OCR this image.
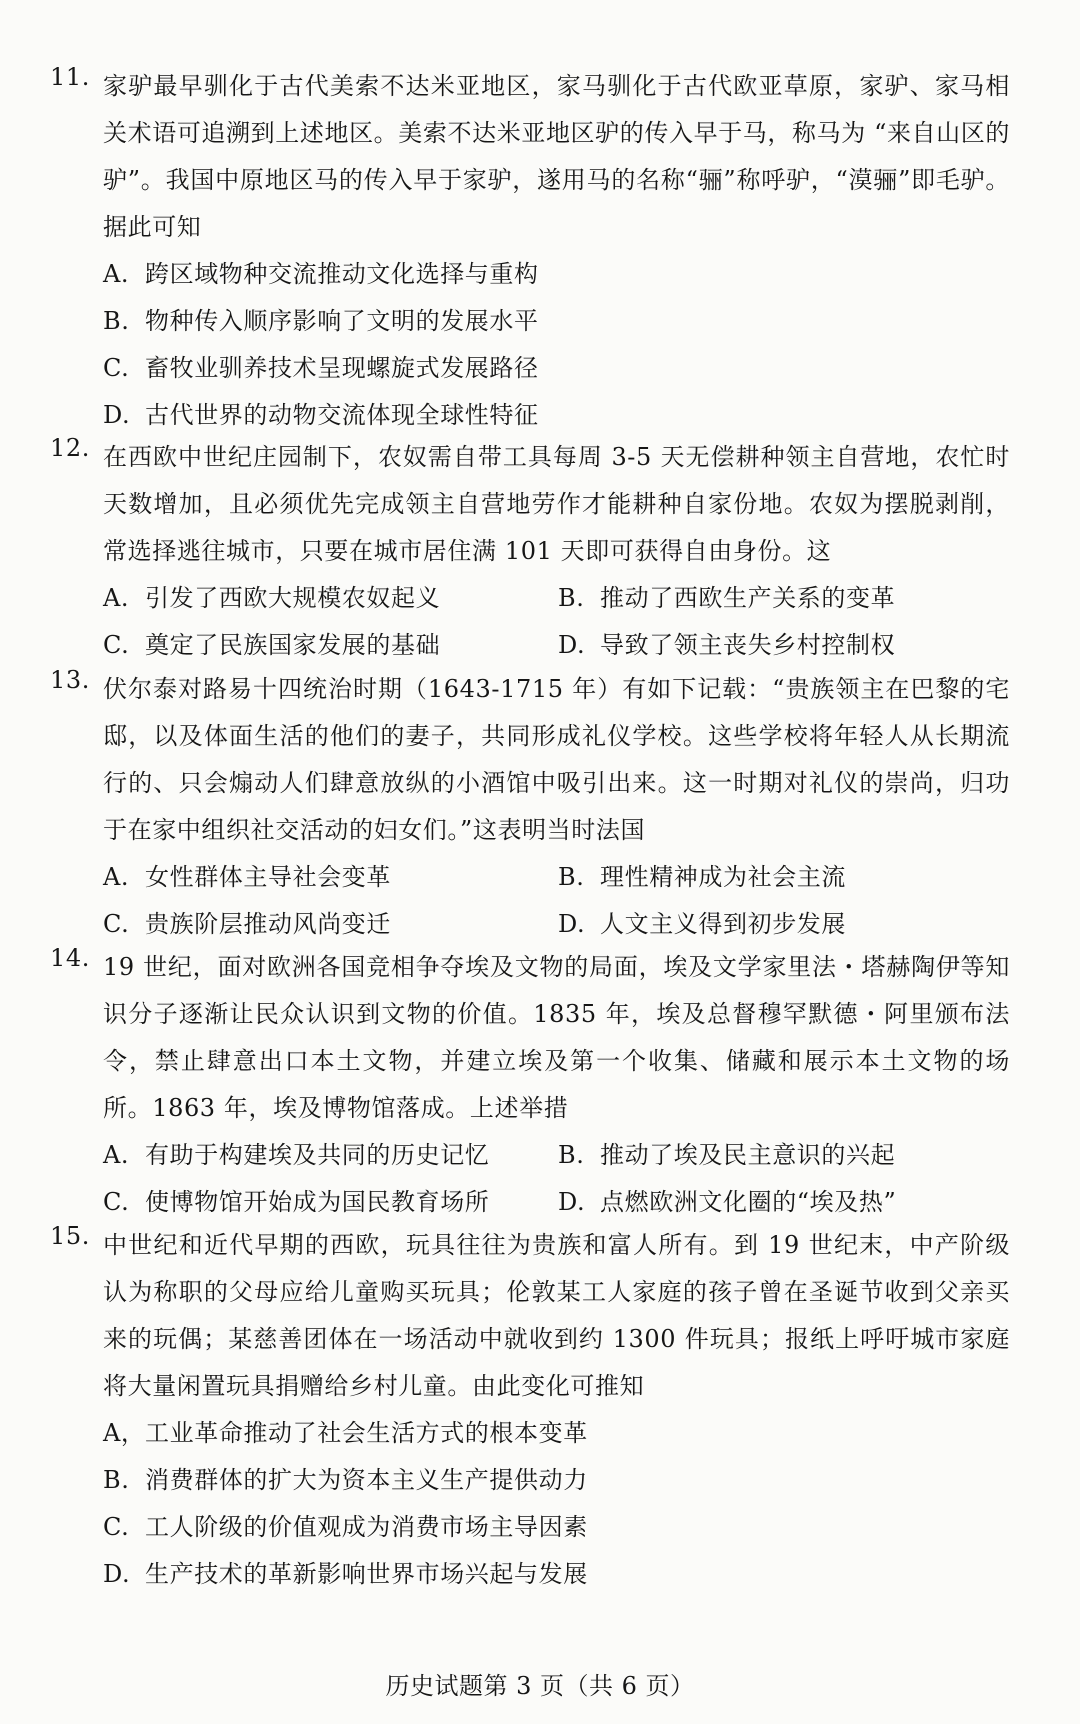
11. 家驴最早驯化于古代美索不达米亚地区，家马驯化于古代欧亚草原，家驴、家马相关术语可追溯到上述地区。美索不达米亚地区驴的传入早于马，称马为 “来自山区的驴”。我国中原地区马的传入早于家驴，遂用马的名称“骊”称呼驴，“漠骊”即毛驴。据此可知
A. 跨区域物种交流推动文化选择与重构
B. 物种传入顺序影响了文明的发展水平
C. 畜牧业驯养技术呈现螺旋式发展路径
D. 古代世界的动物交流体现全球性特征
12. 在西欧中世纪庄园制下，农奴需自带工具每周 3-5 天无偿耕种领主自营地，农忙时天数增加，且必须优先完成领主自营地劳作才能耕种自家份地。农奴为摆脱剥削，常选择逃往城市，只要在城市居住满 101 天即可获得自由身份。这
A. 引发了西欧大规模农奴起义	B. 推动了西欧生产关系的变革
C. 奠定了民族国家发展的基础	D. 导致了领主丧失乡村控制权
13. 伏尔泰对路易十四统治时期（1643-1715 年）有如下记载：“贵族领主在巴黎的宅邸，以及体面生活的他们的妻子，共同形成礼仪学校。这些学校将年轻人从长期流行的、只会煽动人们肆意放纵的小酒馆中吸引出来。这一时期对礼仪的崇尚，归功于在家中组织社交活动的妇女们。”这表明当时法国
A. 女性群体主导社会变革	B. 理性精神成为社会主流
C. 贵族阶层推动风尚变迁	D. 人文主义得到初步发展
14. 19 世纪，面对欧洲各国竞相争夺埃及文物的局面，埃及文学家里法・塔赫陶伊等知识分子逐渐让民众认识到文物的价值。1835 年，埃及总督穆罕默德・阿里颁布法令，禁止肆意出口本土文物，并建立埃及第一个收集、储藏和展示本土文物的场所。1863 年，埃及博物馆落成。上述举措
A. 有助于构建埃及共同的历史记忆	B. 推动了埃及民主意识的兴起
C. 使博物馆开始成为国民教育场所	D. 点燃欧洲文化圈的“埃及热”
15. 中世纪和近代早期的西欧，玩具往往为贵族和富人所有。到 19 世纪末，中产阶级认为称职的父母应给儿童购买玩具；伦敦某工人家庭的孩子曾在圣诞节收到父亲买来的玩偶；某慈善团体在一场活动中就收到约 1300 件玩具；报纸上呼吁城市家庭将大量闲置玩具捐赠给乡村儿童。由此变化可推知
A，工业革命推动了社会生活方式的根本变革
B. 消费群体的扩大为资本主义生产提供动力
C. 工人阶级的价值观成为消费市场主导因素
D. 生产技术的革新影响世界市场兴起与发展
历史试题第 3 页（共 6 页）
